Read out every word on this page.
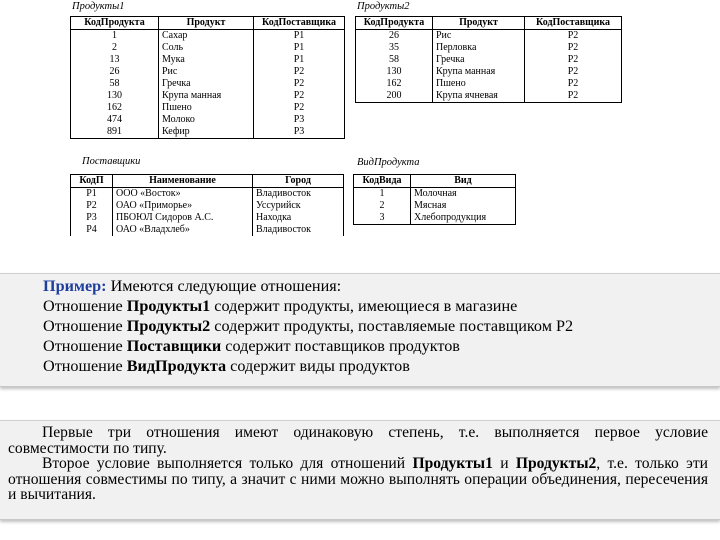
Продукты1	Продукты2
Поставщики	ВидПродукта
КодПродукта	Продукт	КодПоставщика
1	Сахар	P1
2	Соль	P1
13	Мука	P1
26	Рис	P2
58	Гречка	P2
130	Крупа манная	P2
162	Пшено	P2
474	Молоко	P3
891	Кефир	P3
КодПродукта	Продукт	КодПоставщика
26	Рис	P2
35	Перловка	P2
58	Гречка	P2
130	Крупа манная	P2
162	Пшено	P2
200	Крупа ячневая	P2
КодП	Наименование	Город
P1	ООО «Восток»	Владивосток
P2	ОАО «Приморье»	Уссурийск
P3	ПБОЮЛ Сидоров А.С.	Находка
P4	ОАО «Владхлеб»	Владивосток
КодВида	Вид
1	Молочная
2	Мясная
3	Хлебопродукция
Пример: Имеются следующие отношения:
Отношение Продукты1 содержит продукты, имеющиеся в магазине
Отношение Продукты2 содержит продукты, поставляемые поставщиком Р2
Отношение Поставщики содержит поставщиков продуктов
Отношение ВидПродукта содержит виды продуктов

Первые три отношения имеют одинаковую степень, т.е. выполняется первое условие совместимости по типу.

Второе условие выполняется только для отношений Продукты1 и Продукты2, т.е. только эти отношения совместимы по типу, а значит с ними можно выполнять операции объединения, пересечения и вычитания.
